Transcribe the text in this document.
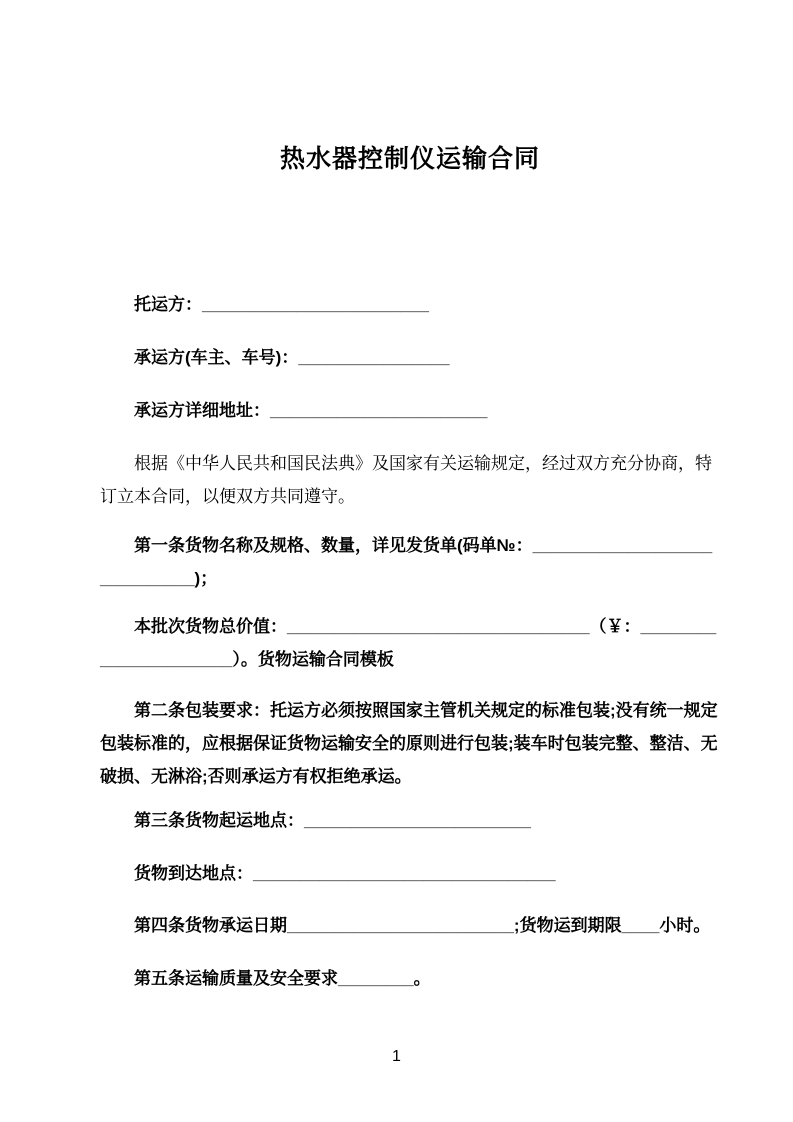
热水器控制仪运输合同

托运方：________________________

承运方(车主、车号)：________________

承运方详细地址：_______________________

根据《中华人民共和国民法典》及国家有关运输规定，经过双方充分协商，特订立本合同，以便双方共同遵守。

第一条货物名称及规格、数量，详见发货单(码单№：_____________________________)；

本批次货物总价值：________________________________（￥：______________________）。货物运输合同模板

第二条包装要求：托运方必须按照国家主管机关规定的标准包装;没有统一规定包装标准的，应根据保证货物运输安全的原则进行包装;装车时包装完整、整洁、无破损、无淋浴;否则承运方有权拒绝承运。

第三条货物起运地点：________________________

货物到达地点：________________________________

第四条货物承运日期________________________;货物运到期限____小时。

第五条运输质量及安全要求________。

1
